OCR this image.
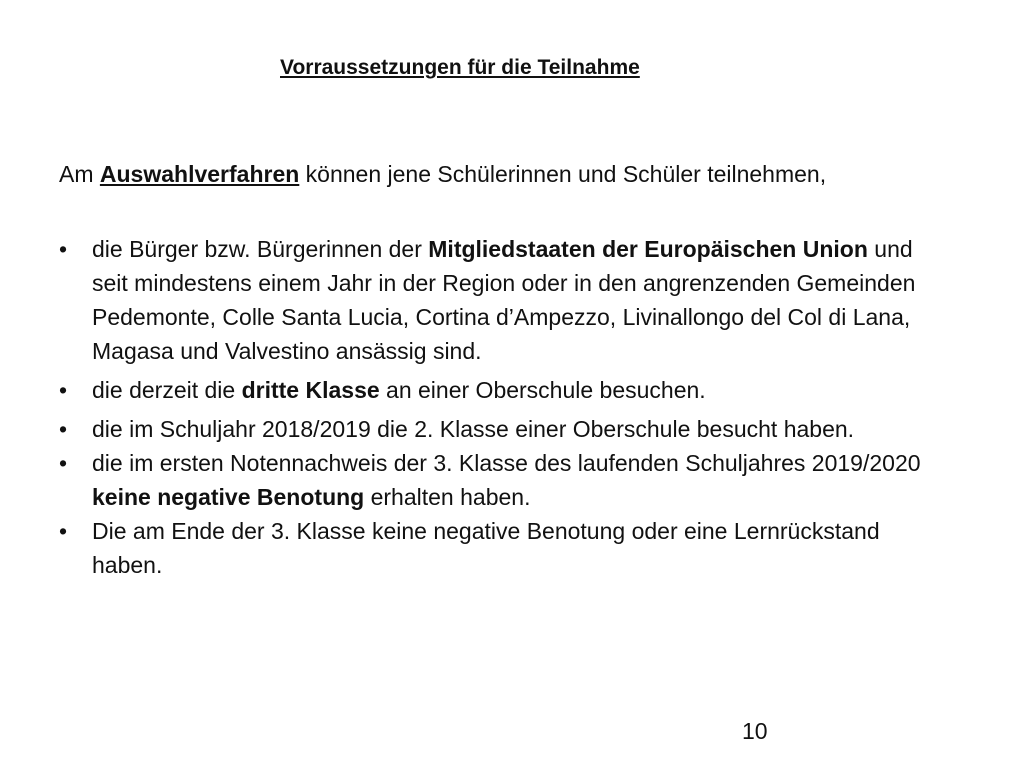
Vorraussetzungen für die Teilnahme
Am Auswahlverfahren können jene Schülerinnen und Schüler teilnehmen,
• die Bürger bzw. Bürgerinnen der Mitgliedstaaten der Europäischen Union und seit mindestens einem Jahr in der Region oder in den angrenzenden Gemeinden Pedemonte, Colle Santa Lucia, Cortina d’Ampezzo, Livinallongo del Col di Lana, Magasa und Valvestino ansässig sind.
• die derzeit die dritte Klasse an einer Oberschule besuchen.
• die im Schuljahr 2018/2019 die 2. Klasse einer Oberschule besucht haben.
• die im ersten Notennachweis der 3. Klasse des laufenden Schuljahres 2019/2020 keine negative Benotung erhalten haben.
• Die am Ende der 3. Klasse keine negative Benotung oder eine Lernrückstand haben.
10
